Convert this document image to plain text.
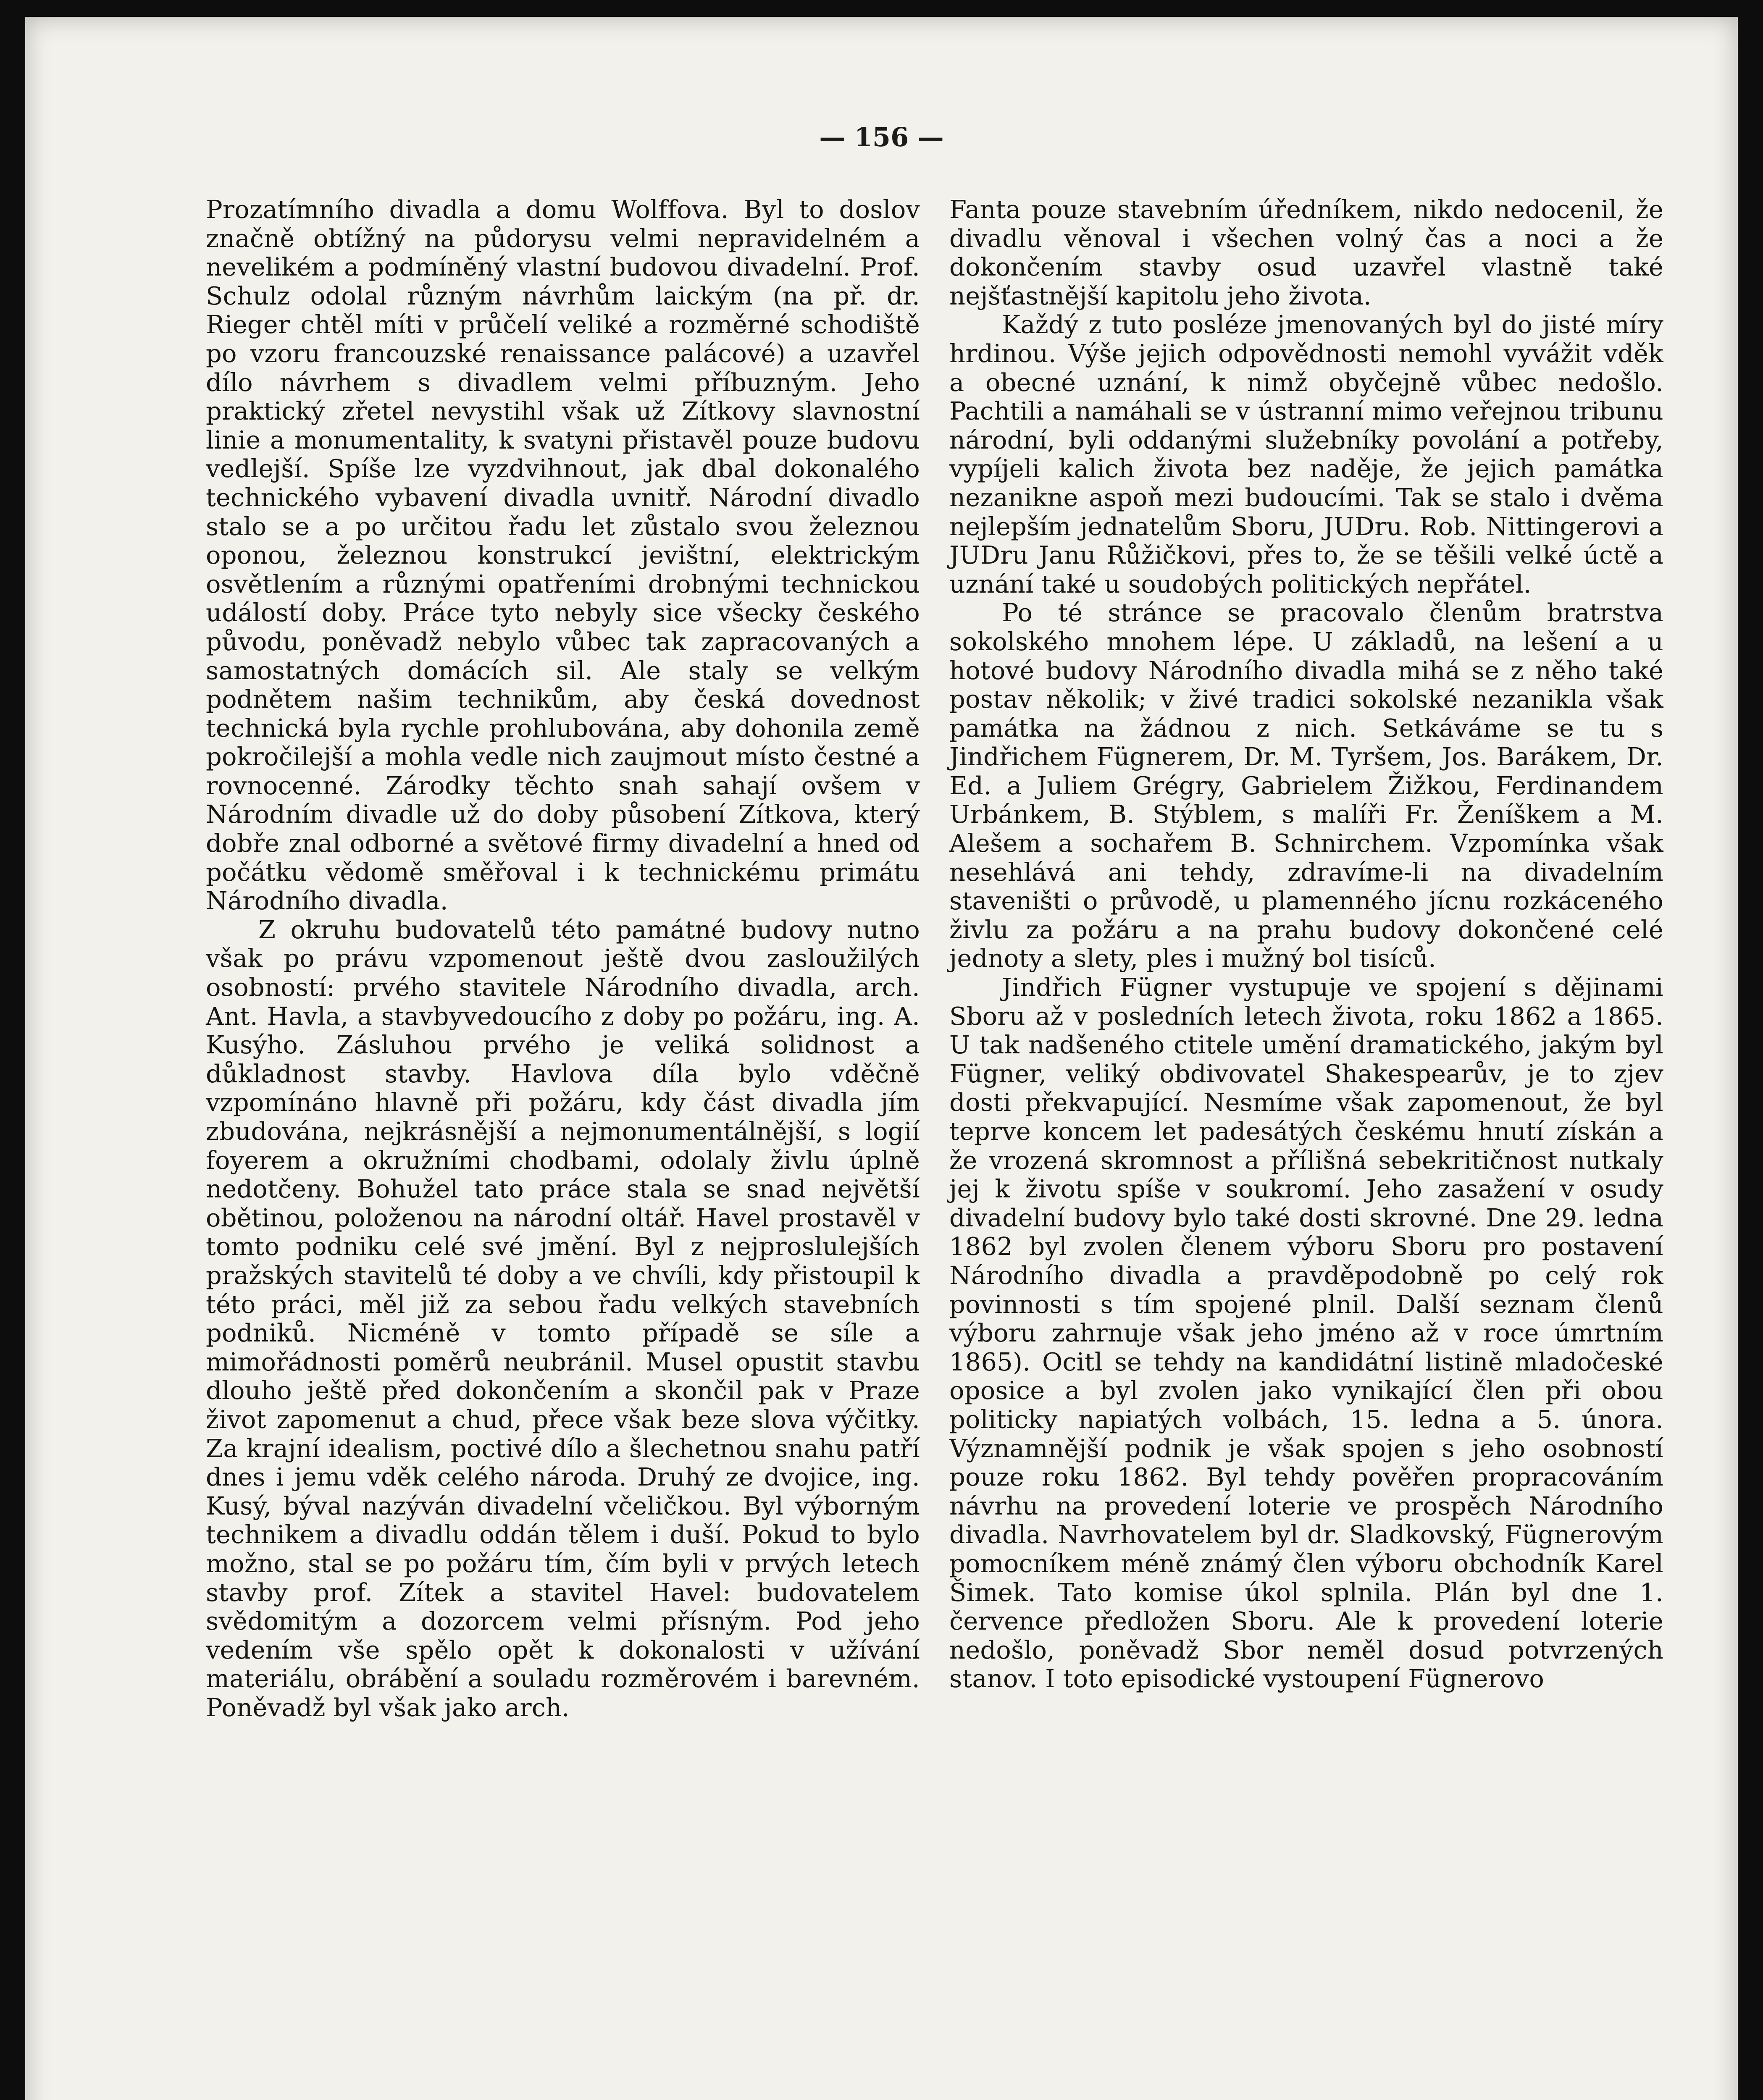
— 156 —

Prozatímního divadla a domu Wolffova. Byl to doslov značně obtížný na půdorysu velmi nepravidelném a nevelikém a podmíněný vlastní budovou divadelní. Prof. Schulz odolal různým návrhům laickým (na př. dr. Rieger chtěl míti v průčelí veliké a rozměrné schodiště po vzoru francouzské renaissance palácové) a uzavřel dílo návrhem s divadlem velmi příbuzným. Jeho praktický zřetel nevystihl však už Zítkovy slavnostní linie a monumentality, k svatyni přistavěl pouze budovu vedlejší. Spíše lze vyzdvihnout, jak dbal dokonalého technického vybavení divadla uvnitř. Národní divadlo stalo se a po určitou řadu let zůstalo svou železnou oponou, železnou konstrukcí jevištní, elektrickým osvětlením a různými opatřeními drobnými technickou událostí doby. Práce tyto nebyly sice všecky českého původu, poněvadž nebylo vůbec tak zapracovaných a samostatných domácích sil. Ale staly se velkým podnětem našim technikům, aby česká dovednost technická byla rychle prohlubována, aby dohonila země pokročilejší a mohla vedle nich zaujmout místo čestné a rovnocenné. Zárodky těchto snah sahají ovšem v Národním divadle už do doby působení Zítkova, který dobře znal odborné a světové firmy divadelní a hned od počátku vědomě směřoval i k technickému primátu Národního divadla.

Z okruhu budovatelů této památné budovy nutno však po právu vzpomenout ještě dvou zasloužilých osobností: prvého stavitele Národního divadla, arch. Ant. Havla, a stavbyvedoucího z doby po požáru, ing. A. Kusýho. Zásluhou prvého je veliká solidnost a důkladnost stavby. Havlova díla bylo vděčně vzpomínáno hlavně při požáru, kdy část divadla jím zbudována, nejkrásnější a nejmonumentálnější, s logií foyerem a okružními chodbami, odolaly živlu úplně nedotčeny. Bohužel tato práce stala se snad největší obětinou, položenou na národní oltář. Havel prostavěl v tomto podniku celé své jmění. Byl z nejproslulejších pražských stavitelů té doby a ve chvíli, kdy přistoupil k této práci, měl již za sebou řadu velkých stavebních podniků. Nicméně v tomto případě se síle a mimořádnosti poměrů neubránil. Musel opustit stavbu dlouho ještě před dokončením a skončil pak v Praze život zapomenut a chud, přece však beze slova výčitky. Za krajní idealism, poctivé dílo a šlechetnou snahu patří dnes i jemu vděk celého národa. Druhý ze dvojice, ing. Kusý, býval nazýván divadelní včeličkou. Byl výborným technikem a divadlu oddán tělem i duší. Pokud to bylo možno, stal se po požáru tím, čím byli v prvých letech stavby prof. Zítek a stavitel Havel: budovatelem svědomitým a dozorcem velmi přísným. Pod jeho vedením vše spělo opět k dokonalosti v užívání materiálu, obrábění a souladu rozměrovém i barevném. Poněvadž byl však jako arch.

Fanta pouze stavebním úředníkem, nikdo nedocenil, že divadlu věnoval i všechen volný čas a noci a že dokončením stavby osud uzavřel vlastně také nejšťastnější kapitolu jeho života.

Každý z tuto posléze jmenovaných byl do jisté míry hrdinou. Výše jejich odpovědnosti nemohl vyvážit vděk a obecné uznání, k nimž obyčejně vůbec nedošlo. Pachtili a namáhali se v ústranní mimo veřejnou tribunu národní, byli oddanými služebníky povolání a potřeby, vypíjeli kalich života bez naděje, že jejich památka nezanikne aspoň mezi budoucími. Tak se stalo i dvěma nejlepším jednatelům Sboru, JUDru. Rob. Nittingerovi a JUDru Janu Růžičkovi, přes to, že se těšili velké úctě a uznání také u soudobých politických nepřátel.

Po té stránce se pracovalo členům bratrstva sokolského mnohem lépe. U základů, na lešení a u hotové budovy Národního divadla mihá se z něho také postav několik; v živé tradici sokolské nezanikla však památka na žádnou z nich. Setkáváme se tu s Jindřichem Fügnerem, Dr. M. Tyršem, Jos. Barákem, Dr. Ed. a Juliem Grégry, Gabrielem Žižkou, Ferdinandem Urbánkem, B. Stýblem, s malíři Fr. Ženíškem a M. Alešem a sochařem B. Schnirchem. Vzpomínka však nesehlává ani tehdy, zdravíme-li na divadelním staveništi o průvodě, u plamenného jícnu rozkáceného živlu za požáru a na prahu budovy dokončené celé jednoty a slety, ples i mužný bol tisíců.

Jindřich Fügner vystupuje ve spojení s dějinami Sboru až v posledních letech života, roku 1862 a 1865. U tak nadšeného ctitele umění dramatického, jakým byl Fügner, veliký obdivovatel Shakespearův, je to zjev dosti překvapující. Nesmíme však zapomenout, že byl teprve koncem let padesátých českému hnutí získán a že vrozená skromnost a přílišná sebekritičnost nutkaly jej k životu spíše v soukromí. Jeho zasažení v osudy divadelní budovy bylo také dosti skrovné. Dne 29. ledna 1862 byl zvolen členem výboru Sboru pro postavení Národního divadla a pravděpodobně po celý rok povinnosti s tím spojené plnil. Další seznam členů výboru zahrnuje však jeho jméno až v roce úmrtním 1865). Ocitl se tehdy na kandidátní listině mladočeské oposice a byl zvolen jako vynikající člen při obou politicky napiatých volbách, 15. ledna a 5. února. Významnější podnik je však spojen s jeho osobností pouze roku 1862. Byl tehdy pověřen propracováním návrhu na provedení loterie ve prospěch Národního divadla. Navrhovatelem byl dr. Sladkovský, Fügnerovým pomocníkem méně známý člen výboru obchodník Karel Šimek. Tato komise úkol splnila. Plán byl dne 1. července předložen Sboru. Ale k provedení loterie nedošlo, poněvadž Sbor neměl dosud potvrzených stanov. I toto episodické vystoupení Fügnerovo
